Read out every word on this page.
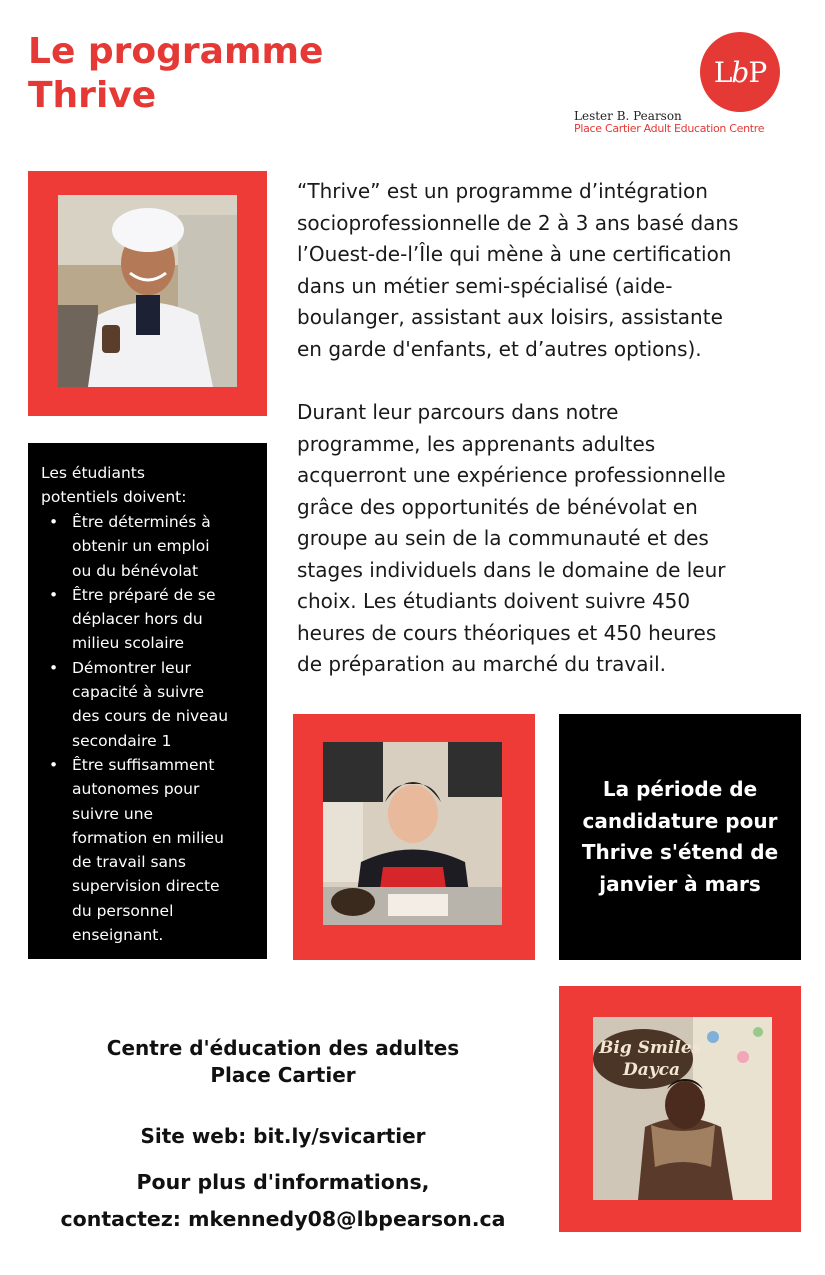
Le programme
Thrive
LbP
Lester B. Pearson
Place Cartier Adult Education Centre

“Thrive” est un programme d’intégration

socioprofessionnelle de 2 à 3 ans basé dans

l’Ouest-de-l’Île qui mène à une certification

dans un métier semi-spécialisé (aide-

boulanger, assistant aux loisirs, assistante

en garde d'enfants, et d’autres options).

Durant leur parcours dans notre

programme, les apprenants adultes

acquerront une expérience professionnelle

grâce des opportunités de bénévolat en

groupe au sein de la communauté et des

stages individuels dans le domaine de leur

choix. Les étudiants doivent suivre 450

heures de cours théoriques et 450 heures

de préparation au marché du travail.

Les étudiants
potentiels doivent:
• Être déterminés à
obtenir un emploi
ou du bénévolat
• Être préparé de se
déplacer hors du
milieu scolaire
• Démontrer leur
capacité à suivre
des cours de niveau
secondaire 1
• Être suffisamment
autonomes pour
suivre une
formation en milieu
de travail sans
supervision directe
du personnel
enseignant.
La période de
candidature pour
Thrive s'étend de
janvier à mars
Centre d'éducation des adultes
Place Cartier
Site web: bit.ly/svicartier
Pour plus d'informations,
contactez: mkennedy08@lbpearson.ca
Big Smiles
Dayca
